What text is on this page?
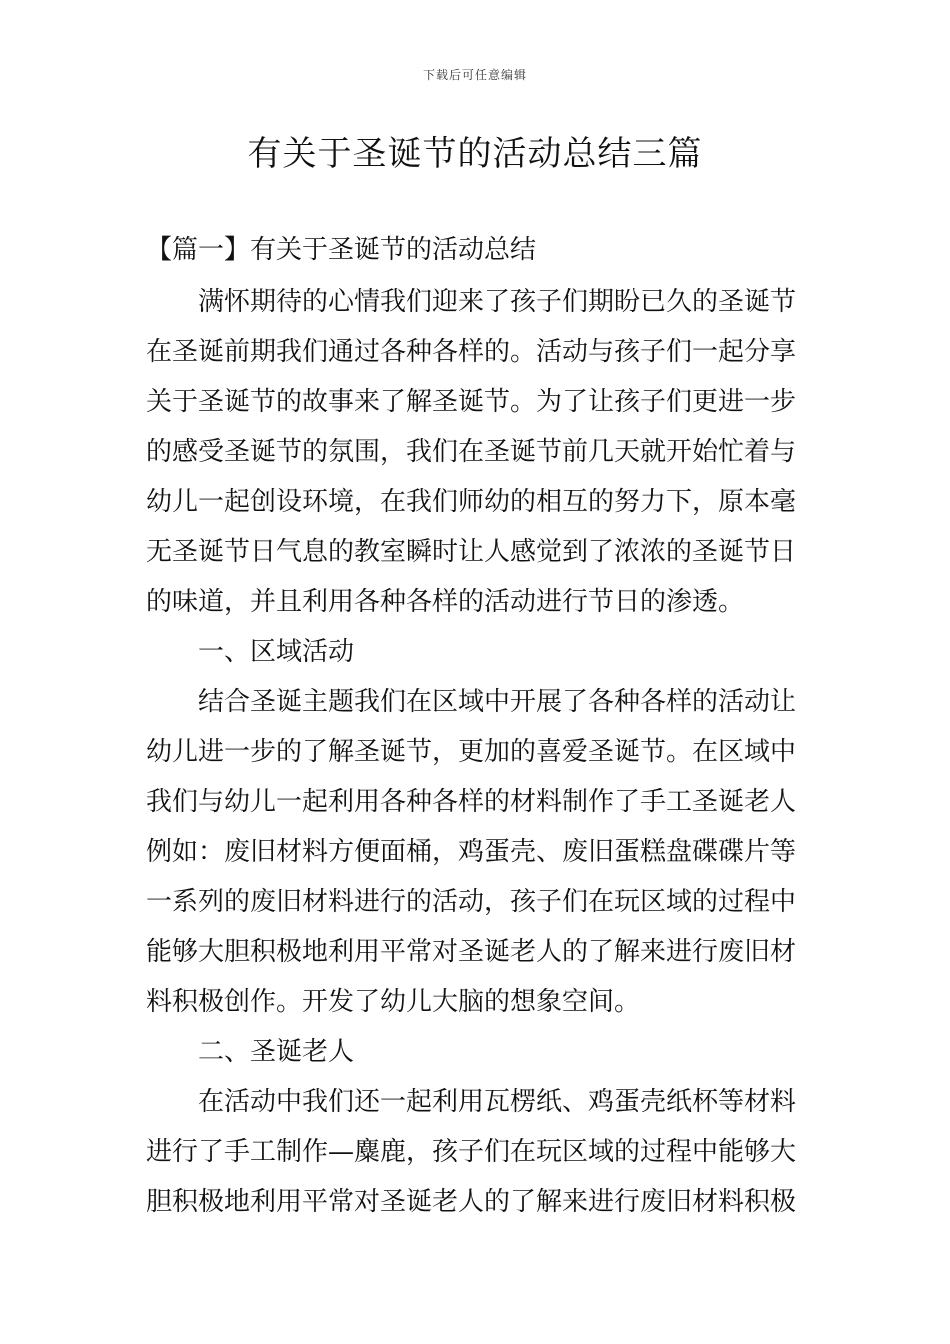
下载后可任意编辑
有关于圣诞节的活动总结三篇
【篇一】有关于圣诞节的活动总结

满怀期待的心情我们迎来了孩子们期盼已久的圣诞节

在圣诞前期我们通过各种各样的。活动与孩子们一起分享

关于圣诞节的故事来了解圣诞节。为了让孩子们更进一步

的感受圣诞节的氛围，我们在圣诞节前几天就开始忙着与

幼儿一起创设环境，在我们师幼的相互的努力下，原本毫

无圣诞节日气息的教室瞬时让人感觉到了浓浓的圣诞节日

的味道，并且利用各种各样的活动进行节日的渗透。

一、区域活动

结合圣诞主题我们在区域中开展了各种各样的活动让

幼儿进一步的了解圣诞节，更加的喜爱圣诞节。在区域中

我们与幼儿一起利用各种各样的材料制作了手工圣诞老人

例如：废旧材料方便面桶，鸡蛋壳、废旧蛋糕盘碟碟片等

一系列的废旧材料进行的活动，孩子们在玩区域的过程中

能够大胆积极地利用平常对圣诞老人的了解来进行废旧材

料积极创作。开发了幼儿大脑的想象空间。

二、圣诞老人

在活动中我们还一起利用瓦楞纸、鸡蛋壳纸杯等材料

进行了手工制作—麋鹿，孩子们在玩区域的过程中能够大

胆积极地利用平常对圣诞老人的了解来进行废旧材料积极
